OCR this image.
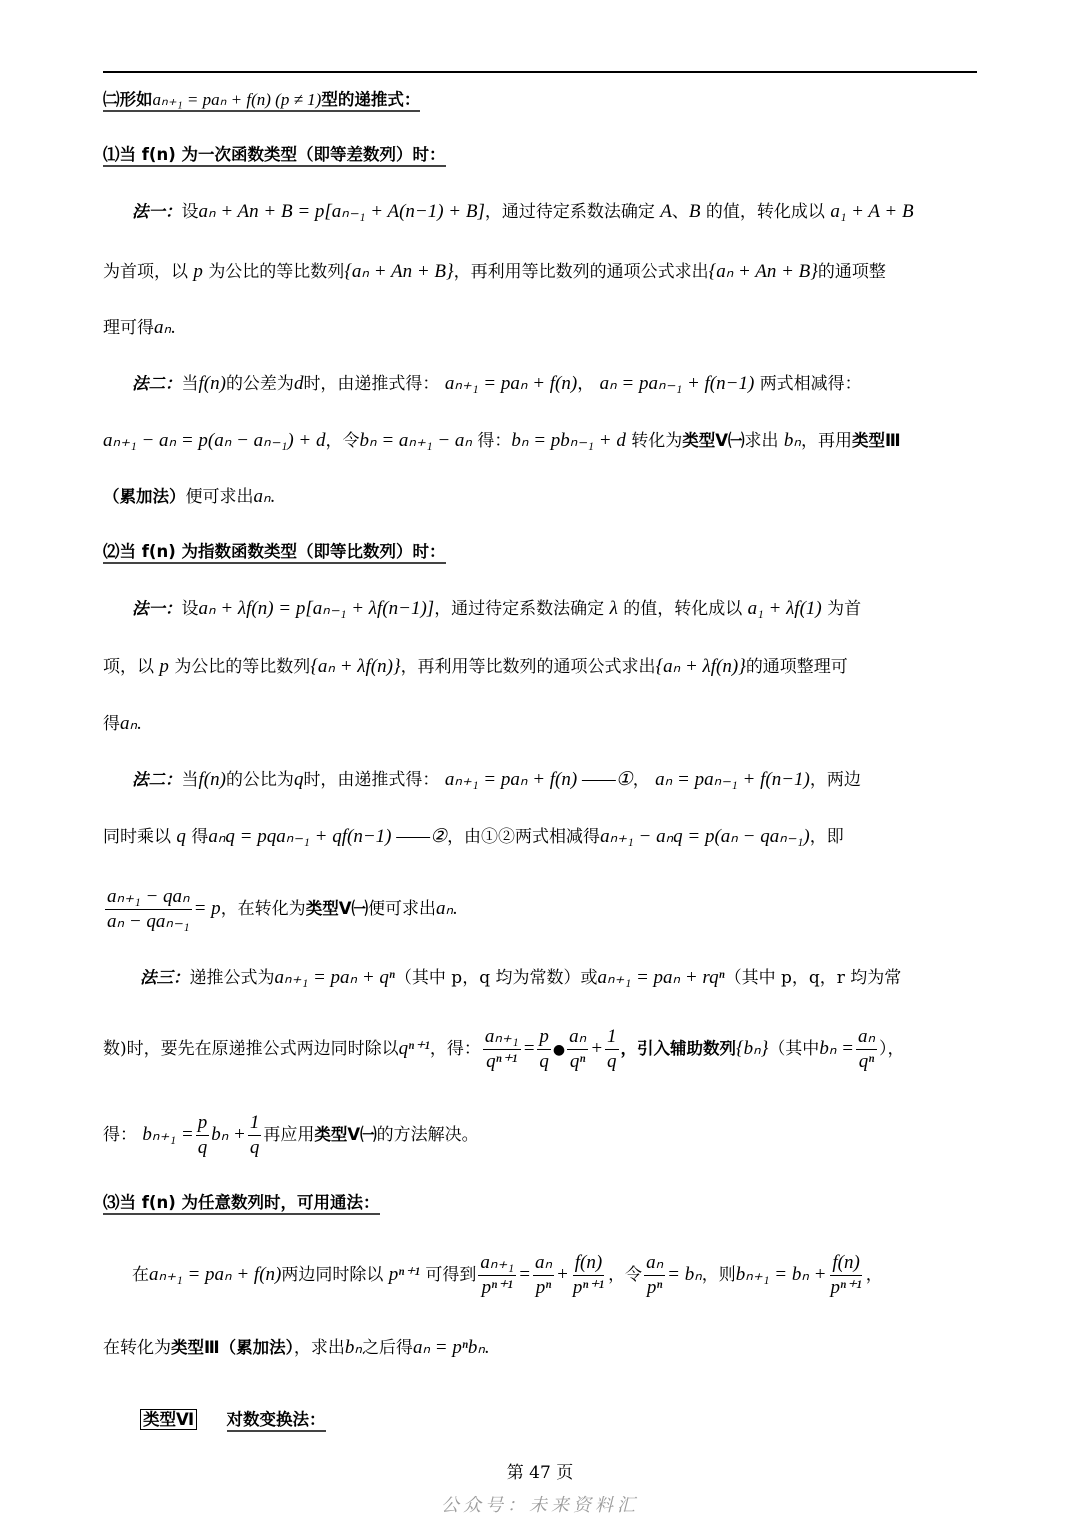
㈡形如aₙ₊₁ = paₙ + f(n) (p ≠ 1)型的递推式：
⑴当 f(n) 为一次函数类型（即等差数列）时：
法一：设aₙ + An + B = p[aₙ₋₁ + A(n−1) + B]，通过待定系数法确定 A、B 的值，转化成以 a₁ + A + B
为首项，以 p 为公比的等比数列{aₙ + An + B}，再利用等比数列的通项公式求出{aₙ + An + B}的通项整
理可得aₙ.
法二：当f(n)的公差为d时，由递推式得： aₙ₊₁ = paₙ + f(n)， aₙ = paₙ₋₁ + f(n−1) 两式相减得：
aₙ₊₁ − aₙ = p(aₙ − aₙ₋₁) + d，令bₙ = aₙ₊₁ − aₙ 得：bₙ = pbₙ₋₁ + d 转化为类型Ⅴ㈠求出 bₙ，再用类型Ⅲ
（累加法）便可求出aₙ.
⑵当 f(n) 为指数函数类型（即等比数列）时：
法一：设aₙ + λf(n) = p[aₙ₋₁ + λf(n−1)]，通过待定系数法确定 λ 的值，转化成以 a₁ + λf(1) 为首
项，以 p 为公比的等比数列{aₙ + λf(n)}，再利用等比数列的通项公式求出{aₙ + λf(n)}的通项整理可
得aₙ.
法二：当f(n)的公比为q时，由递推式得： aₙ₊₁ = paₙ + f(n) ——①， aₙ = paₙ₋₁ + f(n−1)，两边
同时乘以 q 得aₙq = pqaₙ₋₁ + qf(n−1) ——②，由①②两式相减得aₙ₊₁ − aₙq = p(aₙ − qaₙ₋₁)，即
aₙ₊₁ − qaₙ
aₙ − qaₙ₋₁
= p，在转化为类型Ⅴ㈠便可求出aₙ.
法三：递推公式为aₙ₊₁ = paₙ + qⁿ（其中 p，q 均为常数）或aₙ₊₁ = paₙ + rqⁿ（其中 p，q，r 均为常
数)时，要先在原递推公式两边同时除以qⁿ⁺¹，得： $\frac{\text{aₙ₊₁}}{\text{qⁿ⁺¹}} = \frac{p}{q}$ ● $\frac{\text{aₙ}}{\text{qⁿ}} + \frac{1}{q}$ ，引入辅助数列{bₙ}（其中$b_n = \frac{\text{aₙ}}{\text{qⁿ}}$ ），
得： $b_{n+1} = \frac{p}{q}$ $b_n + \frac{1}{q}$ 再应用类型Ⅴ㈠的方法解决。
⑶当 f(n) 为任意数列时，可用通法：
在aₙ₊₁ = paₙ + f(n)两边同时除以 pⁿ⁺¹ 可得到 $\frac{\text{aₙ₊₁}}{\text{pⁿ⁺¹}} = \frac{\text{aₙ}}{\text{pⁿ}} + \frac{f(n)}{\text{pⁿ⁺¹}}$ ，令 $\frac{\text{aₙ}}{\text{pⁿ}} = b_n$，则$b_{n+1} = b_n + \frac{f(n)}{\text{pⁿ⁺¹}}$ ，
在转化为类型Ⅲ（累加法），求出bₙ之后得aₙ = pⁿbₙ.
类型Ⅵ 对数变换法：
第 47 页
公众号：未来资料汇
